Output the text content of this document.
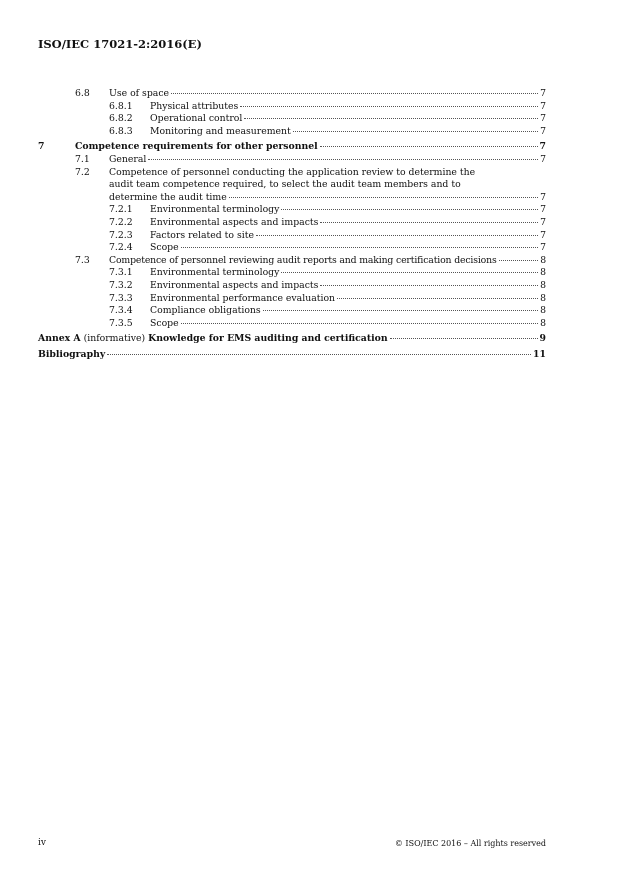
ISO/IEC 17021-2:2016(E)
6.8 Use of space	7
6.8.1 Physical attributes	7
6.8.2 Operational control	7
6.8.3 Monitoring and measurement	7
7	Competence requirements for other personnel	7
7.1 General	7
7.2 Competence of personnel conducting the application review to determine the
audit team competence required, to select the audit team members and to
determine the audit time	7
7.2.1 Environmental terminology	7
7.2.2 Environmental aspects and impacts	7
7.2.3 Factors related to site	7
7.2.4 Scope	7
7.3 Competence of personnel reviewing audit reports and making certification decisions	8
7.3.1 Environmental terminology	8
7.3.2 Environmental aspects and impacts	8
7.3.3 Environmental performance evaluation	8
7.3.4 Compliance obligations	8
7.3.5 Scope	8
Annex A (informative) Knowledge for EMS auditing and certification	9
Bibliography	11
iv	© ISO/IEC 2016 – All rights reserved
